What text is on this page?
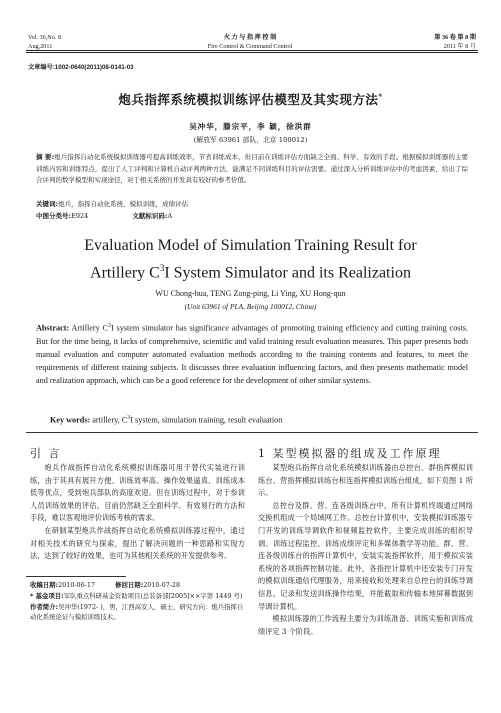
Vol. 36,No. 8
Aug,2011
火 力 与 指 挥 控 制
Fire Control & Command Control
第 36 卷 第 8 期
2011 年 8 月
文章编号:1002-0640(2011)08-0141-03
炮兵指挥系统模拟训练评估模型及其实现方法*
吴冲华，滕宗平，李 颖，徐洪群
(解放军 63961 部队，北京 100012)
摘 要:炮兵指挥自动化系统模拟训练器可提高训练效率，节省训练成本，但目前在训练评估方面缺乏全面、科学、有效的手段。根据模拟训练器的主要训练内容和训练特点，提出了人工评判和计算机自动评判两种方法，能满足不同训练科目的评估需要。通过深入分析训练评估中的考虑因素，给出了综合评判的数学模型和实现途径，对于相关系统的开发具有较好的参考价值。
关键词:炮兵，指挥自动化系统，模拟训练，成绩评估
中图分类号:E924	文献标识码:A
Evaluation Model of Simulation Training Result for
Artillery $C^3I$ System Simulator and its Realization
WU Chong-hua, TENG Zong-ping, Li Ying, XU Hong-qun
(Unit 63961 of PLA, Beijing 100012, China)
Abstract: Artillery $C^3I$ system simulator has significance advantages of promoting training efficiency and cutting training costs. But for the time being, it lacks of comprehensive, scientific and valid training result evaluation measures. This paper presents both manual evaluation and computer automated evaluation methods according to the training contents and features, to meet the requirements of different training subjects. It discusses three evaluation influencing factors, and then presents mathematic model and realization approach, which can be a good reference for the development of other similar systems.
Key words: artillery, $C^3I$ system, simulation training, result evaluation
引 言

炮兵作战指挥自动化系统模拟训练器可用于替代实装进行训练，由于其具有展开方便、训练效率高、操作效果逼真、训练成本低等优点，受到炮兵部队的高度欢迎。但在训练过程中，对于参训人员训练效果的评估，目前仍然缺乏全面科学、有效易行的方法和手段，难以客观地评价训练考核的需求。

在研制某型炮兵作战指挥自动化系统模拟训练器过程中，通过对相关技术的研究与探索，提出了解决问题的一种思路和实现方法，达到了较好的效果，也可为其他相关系统的开发提供参考。

收稿日期:2010-06-17	修回日期:2010-07-28
* 基金项目:军队重点科研基金资助项目(总装备部[2005]××字第 1449 号)
作者简介:吴冲华(1972- )，男，江西高安人，硕士，研究方向：炮兵指挥自动化系统论证与模拟训练技术。
1 某型模拟器的组成及工作原理

某型炮兵指挥自动化系统模拟训练器由总控台、群指挥模拟训练台、营指挥模拟训练台和连指挥模拟训练台组成，如下页图 1 所示。

总控台及群、营、连各级训练台中，所有计算机终端通过网络交换机组成一个局域网工作。总控台计算机中，安装模拟训练器专门开发的训练导调软件和视频监控软件，主要完成训练的组织导调、训练过程监控、训练成绩评定和多媒体教学等功能。群、营、连各级训练台的指挥计算机中，安装实装指挥软件，用于模拟实装系统的各项指挥控制功能。此外，各指控计算机中还安装专门开发的模拟训练通信代理服务，用来接收和处理来自总控台的训练导调信息，记录和发送训练操作结果，并能截取和传输本地屏幕数据到导调计算机。

模拟训练器的工作流程主要分为训练准备、训练实施和训练成绩评定 3 个阶段。
